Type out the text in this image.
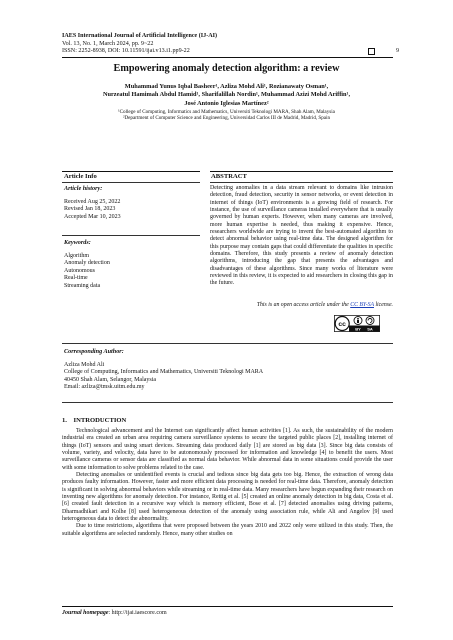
IAES International Journal of Artificial Intelligence (IJ-AI)
Vol. 13, No. 1, March 2024, pp. 9~22
ISSN: 2252-8938, DOI: 10.11591/ijai.v13.i1.pp9-22	9
Empowering anomaly detection algorithm: a review
Muhammad Yunus Iqbal Basheer¹, Azliza Mohd Ali¹, Rozianawaty Osman¹,
Nurzeatul Hamimah Abdul Hamid¹, Sharifalillah Nordin¹, Muhammad Azizi Mohd Ariffin¹,
José Antonio Iglesias Martínez²
¹College of Computing, Informatics and Mathematics, Universiti Teknologi MARA, Shah Alam, Malaysia
²Department of Computer Science and Engineering, Universidad Carlos III de Madrid, Madrid, Spain
Article Info	ABSTRACT
Article history:
Received Aug 25, 2022
Revised Jan 18, 2023
Accepted Mar 10, 2023
Keywords:
Algorithm
Anomaly detection
Autonomous
Real-time
Streaming data
Detecting anomalies in a data stream relevant to domains like intrusion detection, fraud detection, security in sensor networks, or event detection in internet of things (IoT) environments is a growing field of research. For instance, the use of surveillance cameras installed everywhere that is usually governed by human experts. However, when many cameras are involved, more human expertise is needed, thus making it expensive. Hence, researchers worldwide are trying to invent the best-automated algorithm to detect abnormal behavior using real-time data. The designed algorithm for this purpose may contain gaps that could differentiate the qualities in specific domains. Therefore, this study presents a review of anomaly detection algorithms, introducing the gap that presents the advantages and disadvantages of these algorithms. Since many works of literature were reviewed in this review, it is expected to aid researchers in closing this gap in the future.
This is an open access article under the CC BY-SA license.
cc
BY SA
Corresponding Author:
Azliza Mohd Ali
College of Computing, Informatics and Mathematics, Universiti Teknologi MARA
40450 Shah Alam, Selangor, Malaysia
Email: azliza@tmsk.uitm.edu.my
1. INTRODUCTION

Technological advancement and the Internet can significantly affect human activities [1]. As such, the sustainability of the modern industrial era created an urban area requiring camera surveillance systems to secure the targeted public places [2], installing internet of things (IoT) sensors and using smart devices. Streaming data produced daily [1] are stored as big data [3]. Since big data consists of volume, variety, and velocity, data have to be autonomously processed for information and knowledge [4] to benefit the users. Most surveillance cameras or sensor data are classified as normal data behavior. While abnormal data in some situations could provide the user with some information to solve problems related to the case.

Detecting anomalies or unidentified events is crucial and tedious since big data gets too big. Hence, the extraction of wrong data produces faulty information. However, faster and more efficient data processing is needed for real-time data. Therefore, anomaly detection is significant in solving abnormal behaviors while streaming or in real-time data. Many researchers have begun expanding their research on inventing new algorithms for anomaly detection. For instance, Rettig et al. [5] created an online anomaly detection in big data, Costa et al. [6] created fault detection in a recursive way which is memory efficient, Bose et al. [7] detected anomalies using driving patterns, Dharmadhikari and Kolhe [8] used heterogeneous detection of the anomaly using association rule, while Ali and Angelov [9] used heterogeneous data to detect the abnormality.

Due to time restrictions, algorithms that were proposed between the years 2010 and 2022 only were utilized in this study. Then, the suitable algorithms are selected randomly. Hence, many other studies on

Journal homepage: http://ijai.iaescore.com
